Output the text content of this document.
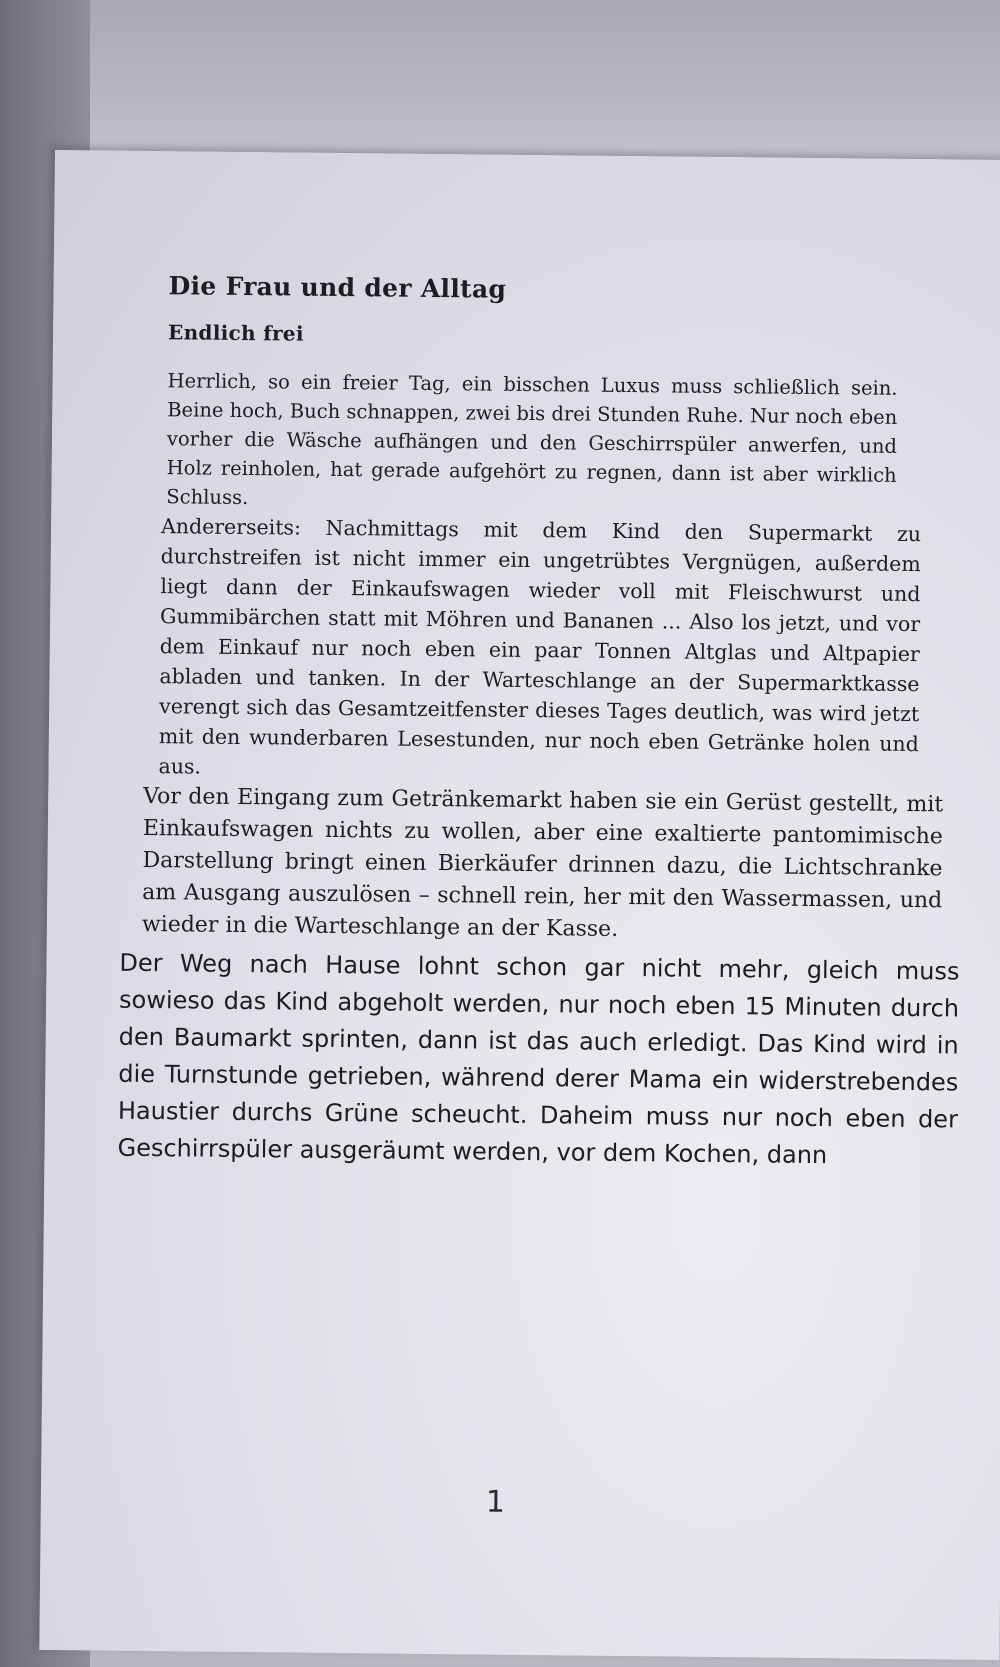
Die Frau und der Alltag
Endlich frei

Herrlich, so ein freier Tag, ein bisschen Luxus muss schließlich sein. Beine hoch, Buch schnappen, zwei bis drei Stunden Ruhe. Nur noch eben vorher die Wäsche aufhängen und den Geschirrspüler anwerfen, und Holz reinholen, hat gerade aufgehört zu regnen, dann ist aber wirklich Schluss.

Andererseits: Nachmittags mit dem Kind den Supermarkt zu durchstreifen ist nicht immer ein ungetrübtes Vergnügen, außerdem liegt dann der Einkaufswagen wieder voll mit Fleischwurst und Gummibärchen statt mit Möhren und Bananen ... Also los jetzt, und vor dem Einkauf nur noch eben ein paar Tonnen Altglas und Altpapier abladen und tanken. In der Warteschlange an der Supermarktkasse verengt sich das Gesamtzeitfenster dieses Tages deutlich, was wird jetzt mit den wunderbaren Lesestunden, nur noch eben Getränke holen und aus.

Vor den Eingang zum Getränkemarkt haben sie ein Gerüst gestellt, mit Einkaufswagen nichts zu wollen, aber eine exaltierte pantomimische Darstellung bringt einen Bierkäufer drinnen dazu, die Lichtschranke am Ausgang auszulösen – schnell rein, her mit den Wassermassen, und wieder in die Warteschlange an der Kasse.

Der Weg nach Hause lohnt schon gar nicht mehr, gleich muss sowieso das Kind abgeholt werden, nur noch eben 15 Minuten durch den Baumarkt sprinten, dann ist das auch erledigt. Das Kind wird in die Turnstunde getrieben, während derer Mama ein widerstrebendes Haustier durchs Grüne scheucht. Daheim muss nur noch eben der Geschirrspüler ausgeräumt werden, vor dem Kochen, dann

1
